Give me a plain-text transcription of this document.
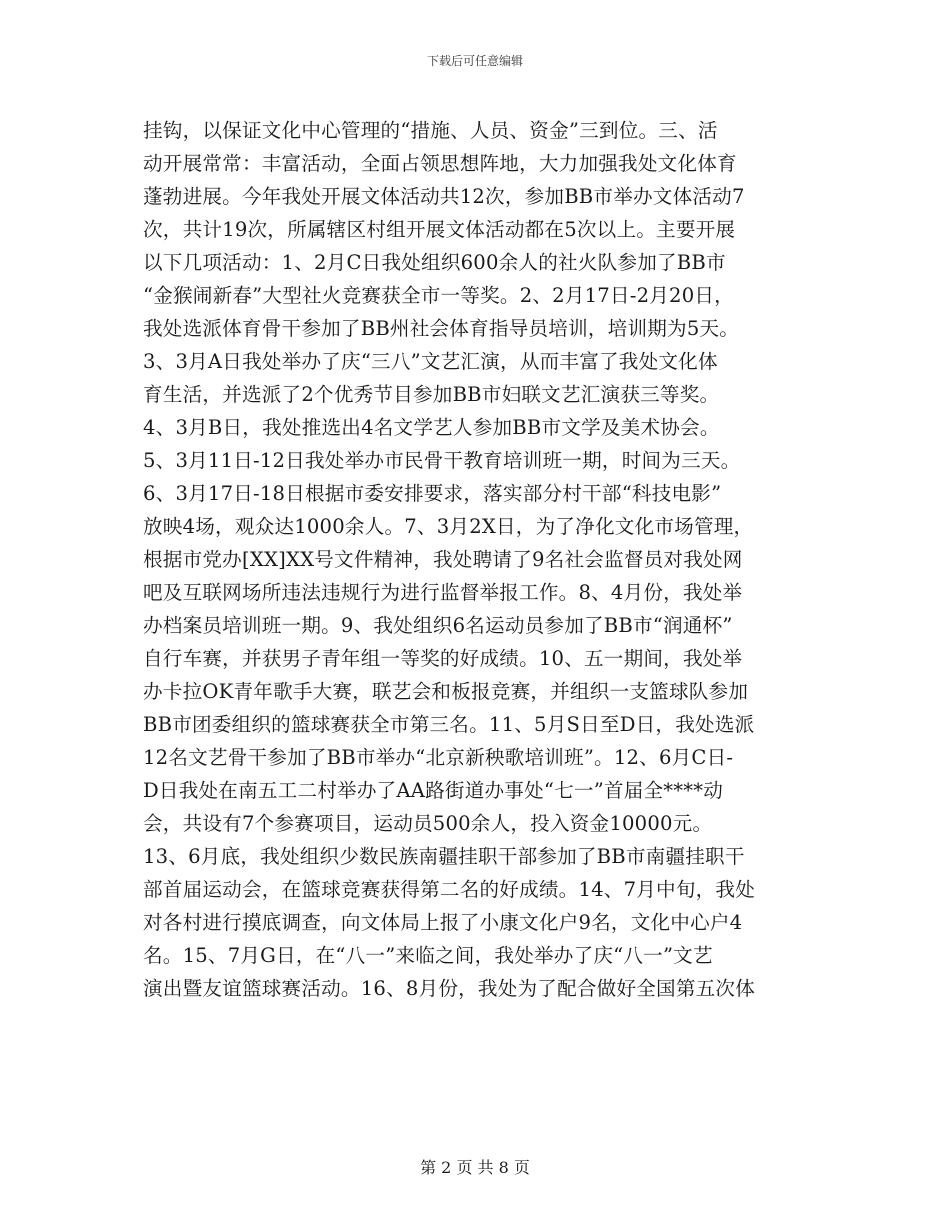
下载后可任意编辑
挂钩，以保证文化中心管理的“措施、人员、资金”三到位。三、活
动开展常常：丰富活动，全面占领思想阵地，大力加强我处文化体育
蓬勃进展。今年我处开展文体活动共12次，参加BB市举办文体活动7
次，共计19次，所属辖区村组开展文体活动都在5次以上。主要开展
以下几项活动：1、2月C日我处组织600余人的社火队参加了BB市
“金猴闹新春”大型社火竞赛获全市一等奖。2、2月17日-2月20日，
我处选派体育骨干参加了BB州社会体育指导员培训，培训期为5天。
3、3月A日我处举办了庆“三八”文艺汇演，从而丰富了我处文化体
育生活，并选派了2个优秀节目参加BB市妇联文艺汇演获三等奖。
4、3月B日，我处推选出4名文学艺人参加BB市文学及美术协会。
5、3月11日-12日我处举办市民骨干教育培训班一期，时间为三天。
6、3月17日-18日根据市委安排要求，落实部分村干部“科技电影”
放映4场，观众达1000余人。7、3月2X日，为了净化文化市场管理，
根据市党办[XX]XX号文件精神，我处聘请了9名社会监督员对我处网
吧及互联网场所违法违规行为进行监督举报工作。8、4月份，我处举
办档案员培训班一期。9、我处组织6名运动员参加了BB市“润通杯”
自行车赛，并获男子青年组一等奖的好成绩。10、五一期间，我处举
办卡拉OK青年歌手大赛，联艺会和板报竞赛，并组织一支篮球队参加
BB市团委组织的篮球赛获全市第三名。11、5月S日至D日，我处选派
12名文艺骨干参加了BB市举办“北京新秧歌培训班”。12、6月C日-
D日我处在南五工二村举办了AA路街道办事处“七一”首届全****动
会，共设有7个参赛项目，运动员500余人，投入资金10000元。
13、6月底，我处组织少数民族南疆挂职干部参加了BB市南疆挂职干
部首届运动会，在篮球竞赛获得第二名的好成绩。14、7月中旬，我处
对各村进行摸底调查，向文体局上报了小康文化户9名，文化中心户4
名。15、7月G日，在“八一”来临之间，我处举办了庆“八一”文艺
演出暨友谊篮球赛活动。16、8月份，我处为了配合做好全国第五次体
第 2 页 共 8 页
